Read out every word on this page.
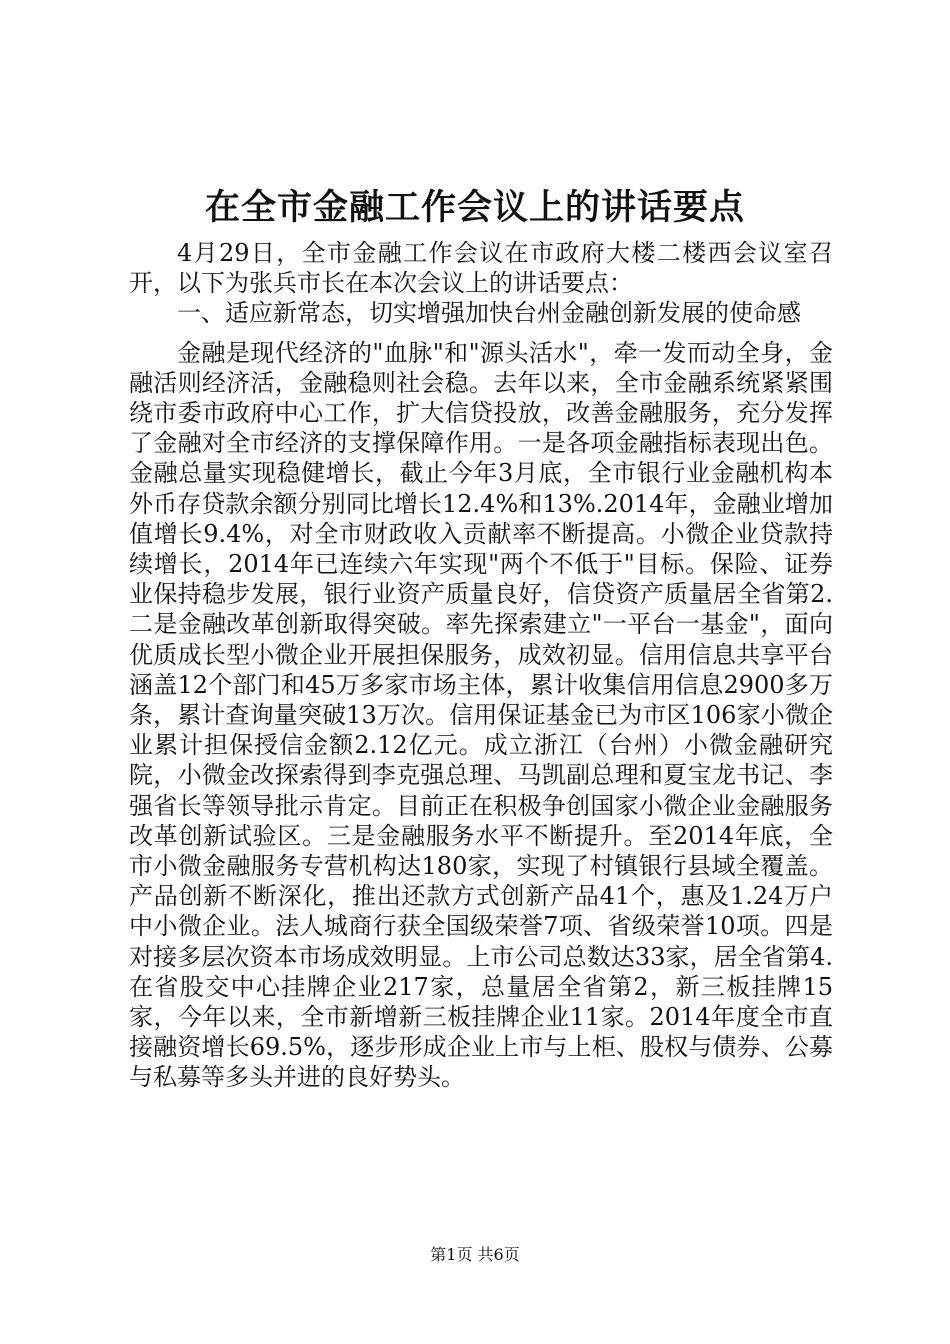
在全市金融工作会议上的讲话要点

4月29日，全市金融工作会议在市政府大楼二楼西会议室召开，以下为张兵市长在本次会议上的讲话要点：

一、适应新常态，切实增强加快台州金融创新发展的使命感

金融是现代经济的"血脉"和"源头活水"，牵一发而动全身，金融活则经济活，金融稳则社会稳。去年以来，全市金融系统紧紧围绕市委市政府中心工作，扩大信贷投放，改善金融服务，充分发挥了金融对全市经济的支撑保障作用。一是各项金融指标表现出色。金融总量实现稳健增长，截止今年3月底，全市银行业金融机构本外币存贷款余额分别同比增长12.4%和13%.2014年，金融业增加值增长9.4%，对全市财政收入贡献率不断提高。小微企业贷款持续增长，2014年已连续六年实现"两个不低于"目标。保险、证券业保持稳步发展，银行业资产质量良好，信贷资产质量居全省第2.二是金融改革创新取得突破。率先探索建立"一平台一基金"，面向优质成长型小微企业开展担保服务，成效初显。信用信息共享平台涵盖12个部门和45万多家市场主体，累计收集信用信息2900多万条，累计查询量突破13万次。信用保证基金已为市区106家小微企业累计担保授信金额2.12亿元。成立浙江（台州）小微金融研究院，小微金改探索得到李克强总理、马凯副总理和夏宝龙书记、李强省长等领导批示肯定。目前正在积极争创国家小微企业金融服务改革创新试验区。三是金融服务水平不断提升。至2014年底，全市小微金融服务专营机构达180家，实现了村镇银行县域全覆盖。产品创新不断深化，推出还款方式创新产品41个，惠及1.24万户中小微企业。法人城商行获全国级荣誉7项、省级荣誉10项。四是对接多层次资本市场成效明显。上市公司总数达33家，居全省第4.在省股交中心挂牌企业217家，总量居全省第2，新三板挂牌15家，今年以来，全市新增新三板挂牌企业11家。2014年度全市直接融资增长69.5%，逐步形成企业上市与上柜、股权与债券、公募与私募等多头并进的良好势头。

第1页 共6页
